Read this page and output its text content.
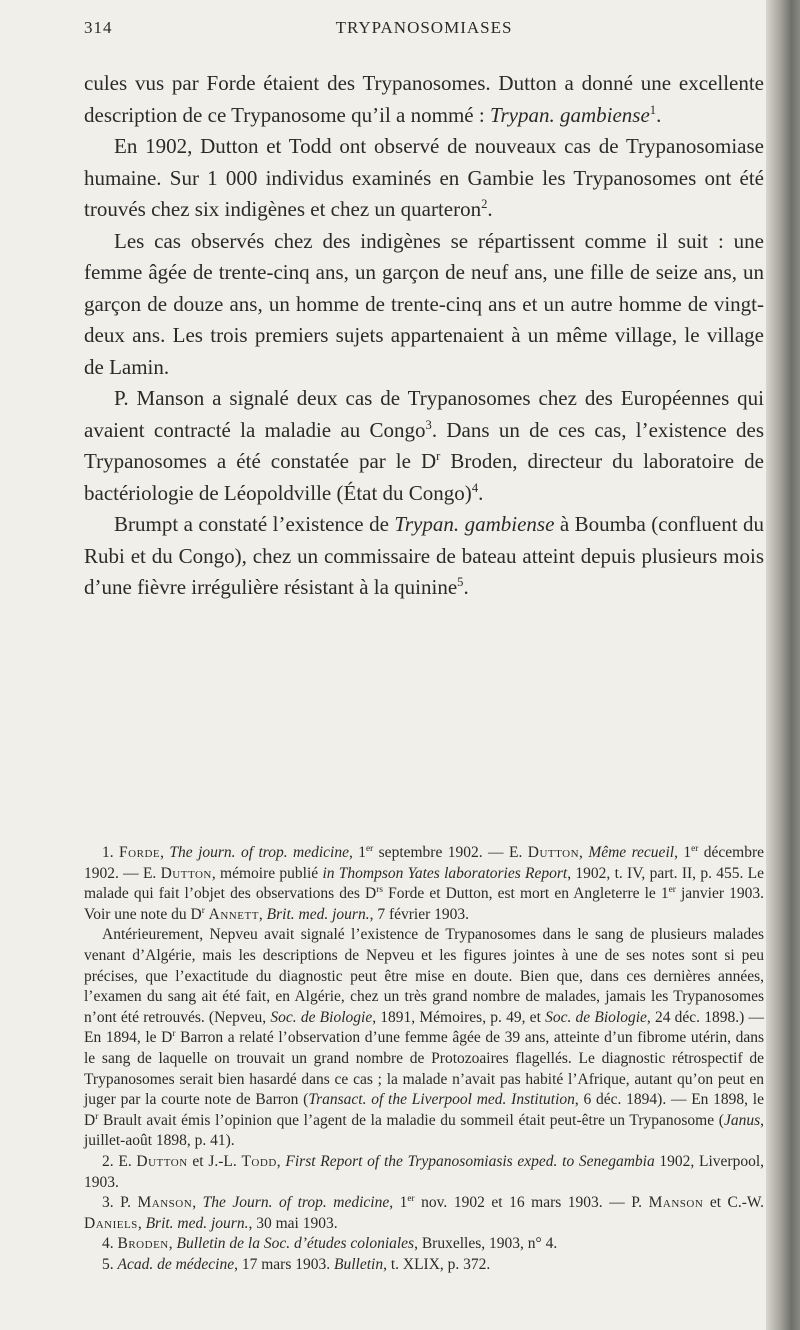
314	TRYPANOSOMIASES

cules vus par Forde étaient des Trypanosomes. Dutton a donné une excellente description de ce Trypanosome qu’il a nommé : Trypan. gambiense$^1$.

En 1902, Dutton et Todd ont observé de nouveaux cas de Trypanosomiase humaine. Sur 1 000 individus examinés en Gambie les Trypanosomes ont été trouvés chez six indigènes et chez un quarteron$^2$.

Les cas observés chez des indigènes se répartissent comme il suit : une femme âgée de trente-cinq ans, un garçon de neuf ans, une fille de seize ans, un garçon de douze ans, un homme de trente-cinq ans et un autre homme de vingt-deux ans. Les trois premiers sujets appartenaient à un même village, le village de Lamin.

P. Manson a signalé deux cas de Trypanosomes chez des Européennes qui avaient contracté la maladie au Congo$^3$. Dans un de ces cas, l’existence des Trypanosomes a été constatée par le $D^r$ Broden, directeur du laboratoire de bactériologie de Léopoldville (État du Congo)$^4$.

Brumpt a constaté l’existence de Trypan. gambiense à Boumba (confluent du Rubi et du Congo), chez un commissaire de bateau atteint depuis plusieurs mois d’une fièvre irrégulière résistant à la quinine$^5$.

1. Forde, The journ. of trop. medicine, 1er septembre 1902. — E. Dutton, Même recueil, 1er décembre 1902. — E. Dutton, mémoire publié in Thompson Yates laboratories Report, 1902, t. IV, part. II, p. 455. Le malade qui fait l’objet des observations des $D^{rs}$ Forde et Dutton, est mort en Angleterre le 1er janvier 1903. Voir une note du $D^r$ Annett, Brit. med. journ., 7 février 1903.

Antérieurement, Nepveu avait signalé l’existence de Trypanosomes dans le sang de plusieurs malades venant d’Algérie, mais les descriptions de Nepveu et les figures jointes à une de ses notes sont si peu précises, que l’exactitude du diagnostic peut être mise en doute. Bien que, dans ces dernières années, l’examen du sang ait été fait, en Algérie, chez un très grand nombre de malades, jamais les Trypanosomes n’ont été retrouvés. (Nepveu, Soc. de Biologie, 1891, Mémoires, p. 49, et Soc. de Biologie, 24 déc. 1898.) — En 1894, le $D^r$ Barron a relaté l’observation d’une femme âgée de 39 ans, atteinte d’un fibrome utérin, dans le sang de laquelle on trouvait un grand nombre de Protozoaires flagellés. Le diagnostic rétrospectif de Trypanosomes serait bien hasardé dans ce cas ; la malade n’avait pas habité l’Afrique, autant qu’on peut en juger par la courte note de Barron (Transact. of the Liverpool med. Institution, 6 déc. 1894). — En 1898, le $D^r$ Brault avait émis l’opinion que l’agent de la maladie du sommeil était peut-être un Trypanosome (Janus, juillet-août 1898, p. 41).

2. E. Dutton et J.-L. Todd, First Report of the Trypanosomiasis exped. to Senegambia 1902, Liverpool, 1903.

3. P. Manson, The Journ. of trop. medicine, 1er nov. 1902 et 16 mars 1903. — P. Manson et C.-W. Daniels, Brit. med. journ., 30 mai 1903.

4. Broden, Bulletin de la Soc. d’études coloniales, Bruxelles, 1903, n° 4.

5. Acad. de médecine, 17 mars 1903. Bulletin, t. XLIX, p. 372.
